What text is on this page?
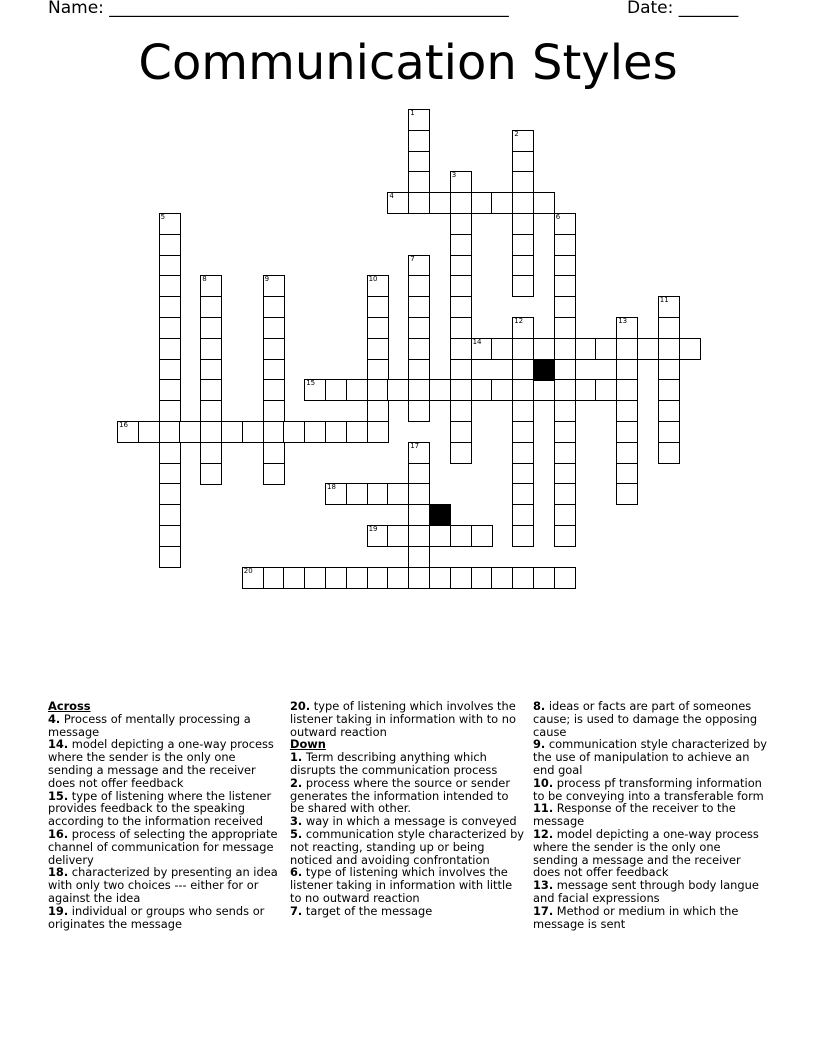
Name: _______________________________________________	Date: _______
Communication Styles
1
2
3
4
5	6
7
8	9	10
11
12	13
14
15
16
17
18
19
20
Across
4. Process of mentally processing a message
14. model depicting a one-way process where the sender is the only one sending a message and the receiver does not offer feedback
15. type of listening where the listener provides feedback to the speaking according to the information received
16. process of selecting the appropriate channel of communication for message delivery
18. characterized by presenting an idea with only two choices --- either for or against the idea
19. individual or groups who sends or originates the message
20. type of listening which involves the listener taking in information with to no outward reaction
Down
1. Term describing anything which disrupts the communication process
2. process where the source or sender generates the information intended to be shared with other.
3. way in which a message is conveyed
5. communication style characterized by not reacting, standing up or being noticed and avoiding confrontation
6. type of listening which involves the listener taking in information with little to no outward reaction
7. target of the message
8. ideas or facts are part of someones cause; is used to damage the opposing cause
9. communication style characterized by the use of manipulation to achieve an end goal
10. process pf transforming information to be conveying into a transferable form
11. Response of the receiver to the message
12. model depicting a one-way process where the sender is the only one sending a message and the receiver does not offer feedback
13. message sent through body langue and facial expressions
17. Method or medium in which the message is sent
